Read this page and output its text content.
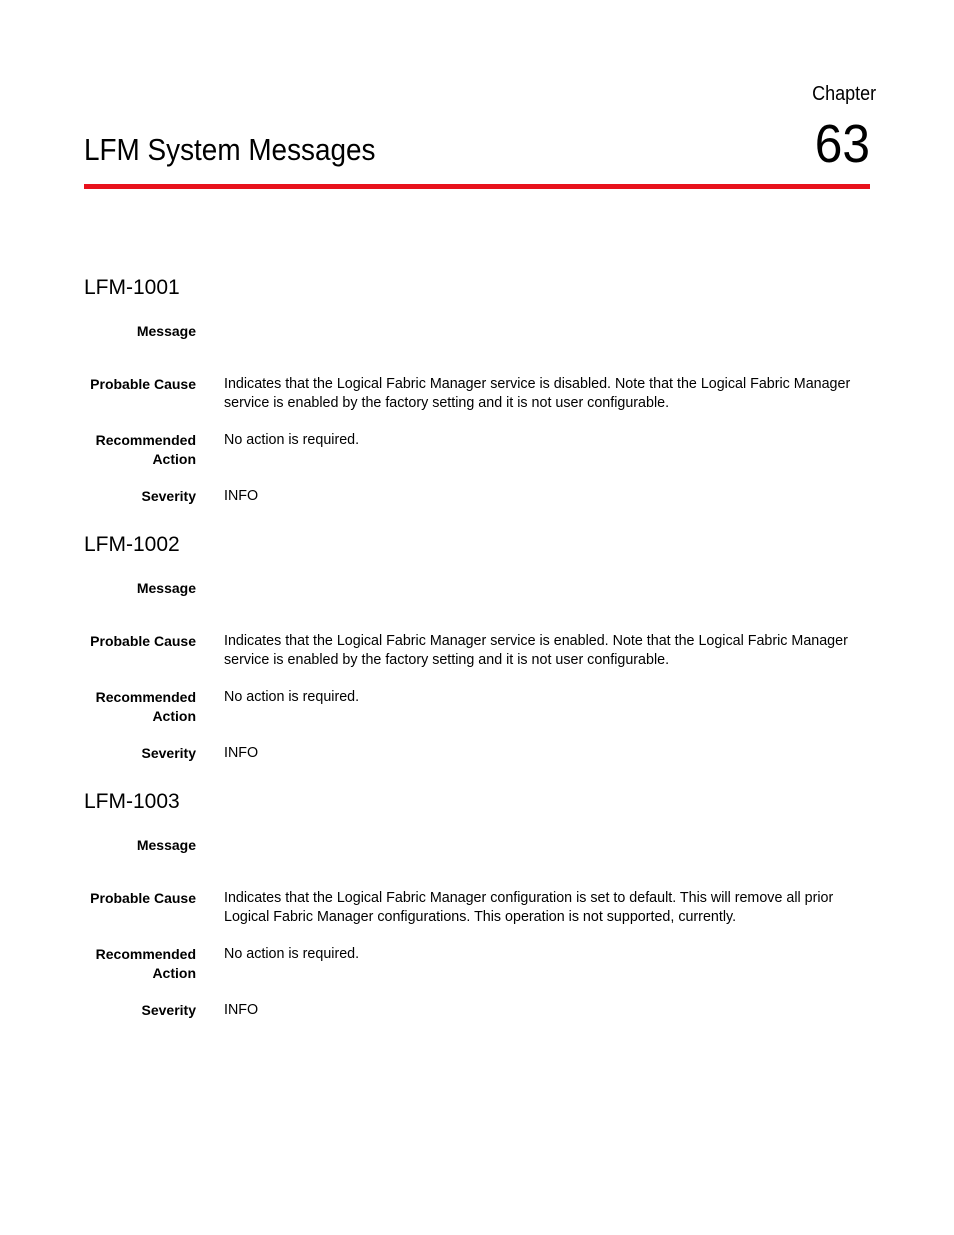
Chapter
63
LFM System Messages
LFM-1001
Message
Probable Cause Indicates that the Logical Fabric Manager service is disabled. Note that the Logical Fabric Manager service is enabled by the factory setting and it is not user configurable.
Recommended
Action
No action is required.
Severity INFO
LFM-1002
Message
Probable Cause Indicates that the Logical Fabric Manager service is enabled. Note that the Logical Fabric Manager service is enabled by the factory setting and it is not user configurable.
Recommended
Action
No action is required.
Severity INFO
LFM-1003
Message
Probable Cause Indicates that the Logical Fabric Manager configuration is set to default. This will remove all prior Logical Fabric Manager configurations. This operation is not supported, currently.
Recommended
Action
No action is required.
Severity INFO
